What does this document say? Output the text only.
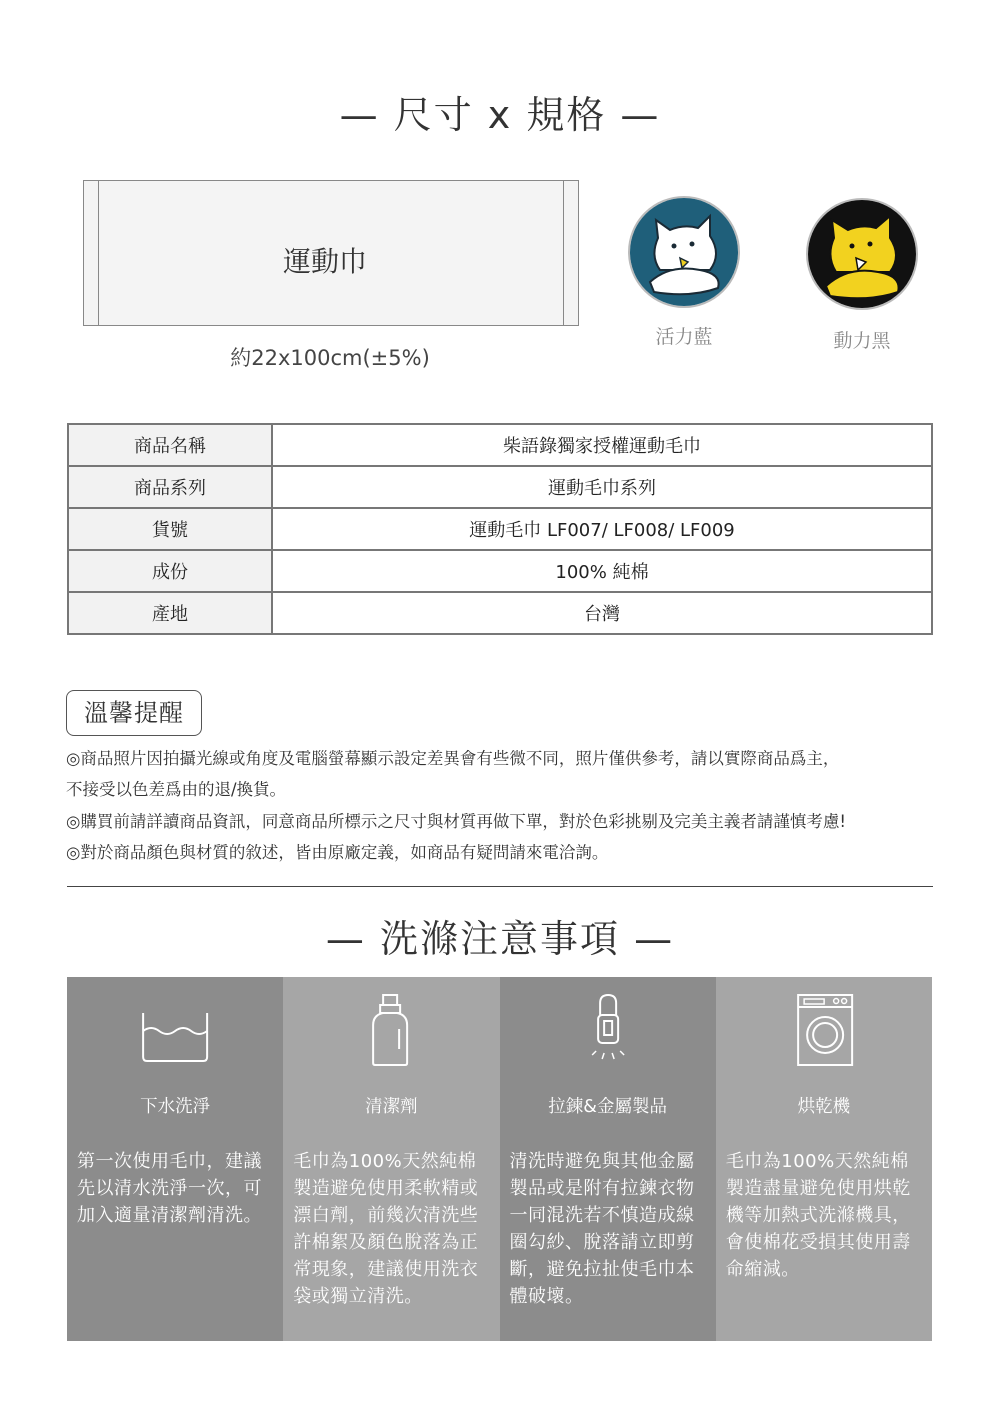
— 尺寸 x 規格 —
運動巾
約22x100cm(±5%)
活力藍	動力黑
商品名稱	柴語錄獨家授權運動毛巾
商品系列	運動毛巾系列
貨號	運動毛巾 LF007/ LF008/ LF009
成份	100% 純棉
產地	台灣
溫馨提醒
◎商品照片因拍攝光線或角度及電腦螢幕顯示設定差異會有些微不同，照片僅供參考，請以實際商品爲主，
不接受以色差爲由的退/換貨。
◎購買前請詳讀商品資訊，同意商品所標示之尺寸與材質再做下單，對於色彩挑剔及完美主義者請謹慎考慮!
◎對於商品顏色與材質的敘述，皆由原廠定義，如商品有疑問請來電洽詢。
— 洗滌注意事項 —
下水洗淨
第一次使用毛巾，建議先以清水洗淨一次，可加入適量清潔劑清洗。
清潔劑
毛巾為100%天然純棉製造避免使用柔軟精或漂白劑，前幾次清洗些許棉絮及顏色脫落為正常現象，建議使用洗衣袋或獨立清洗。
拉鍊&金屬製品
清洗時避免與其他金屬製品或是附有拉鍊衣物一同混洗若不慎造成線圈勾紗、脫落請立即剪斷，避免拉扯使毛巾本體破壞。
烘乾機
毛巾為100%天然純棉製造盡量避免使用烘乾機等加熱式洗滌機具，會使棉花受損其使用壽命縮減。
